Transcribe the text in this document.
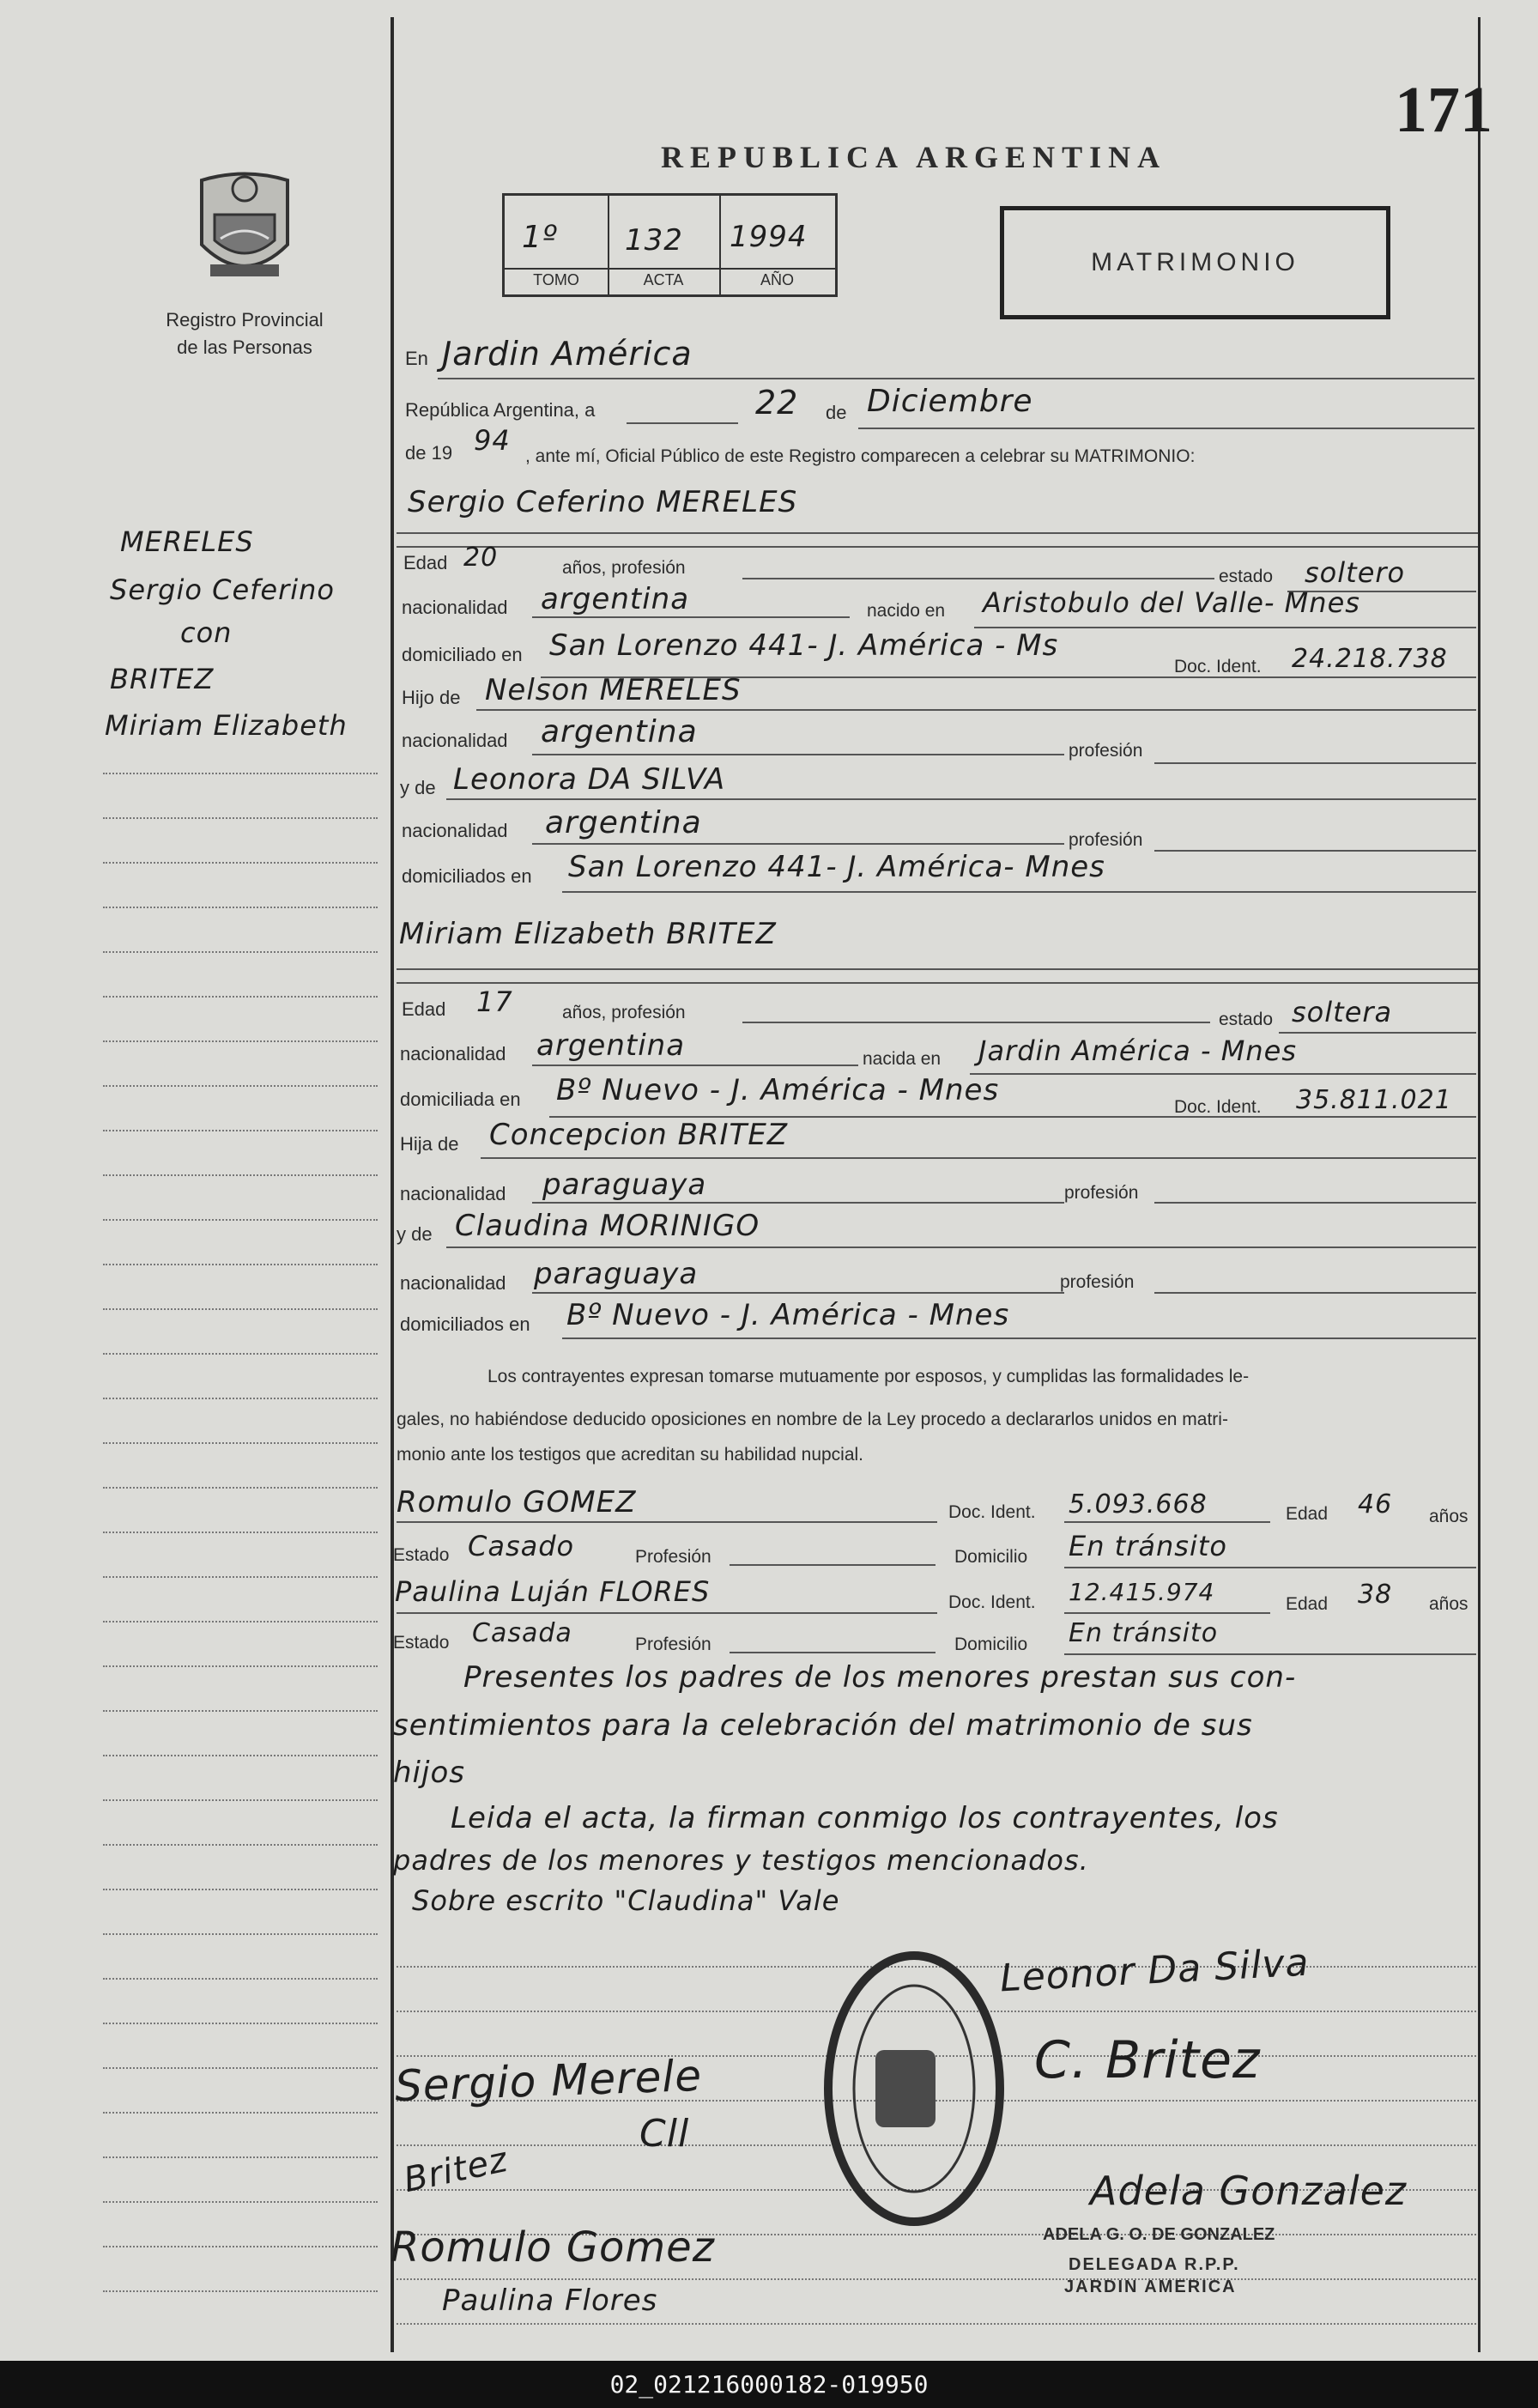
171
Registro Provincial
de las Personas
REPUBLICA ARGENTINA
1º 132 1994
TOMO	ACTA	AÑO
MATRIMONIO
MERELES
Sergio Ceferino
con
BRITEZ
Miriam Elizabeth
En Jardin América
República Argentina, a	22 de Diciembre
de 19 94 , ante mí, Oficial Público de este Registro comparecen a celebrar su MATRIMONIO:
Sergio Ceferino MERELES
Edad 20	años, profesión	estado soltero
nacionalidad argentina	nacido en Aristobulo del Valle- Mnes
domiciliado en San Lorenzo 441- J. América - Ms
Doc. Ident. 24.218.738
Hijo de Nelson MERELES
nacionalidad argentina
profesión
y de Leonora DA SILVA
nacionalidad argentina	profesión
domiciliados en San Lorenzo 441- J. América- Mnes
Miriam Elizabeth BRITEZ
Edad 17	años, profesión	estado soltera
nacionalidad argentina	nacida en Jardin América - Mnes
domiciliada en Bº Nuevo - J. América - Mnes	Doc. Ident. 35.811.021
Hija de Concepcion BRITEZ
nacionalidad paraguaya	profesión
y de Claudina MORINIGO
nacionalidad paraguaya	profesión
domiciliados en Bº Nuevo - J. América - Mnes
Los contrayentes expresan tomarse mutuamente por esposos, y cumplidas las formalidades le-
gales, no habiéndose deducido oposiciones en nombre de la Ley procedo a declararlos unidos en matri-
monio ante los testigos que acreditan su habilidad nupcial.
Romulo GOMEZ	Doc. Ident. 5.093.668	Edad 46 años
Estado Casado	Profesión	Domicilio En tránsito
Paulina Luján FLORES	Doc. Ident. 12.415.974	Edad 38 años
Estado Casada	Profesión	Domicilio En tránsito
Presentes los padres de los menores prestan sus con-
sentimientos para la celebración del matrimonio de sus
hijos
Leida el acta, la firman conmigo los contrayentes, los
padres de los menores y testigos mencionados.
Sobre escrito "Claudina" Vale
Leonor Da Silva
C. Britez
Sergio Merele
Cll
Britez
Romulo Gomez
Paulina Flores
Adela Gonzalez
ADELA G. O. DE GONZALEZ
DELEGADA R.P.P.
JARDIN AMERICA
02_021216000182-019950
